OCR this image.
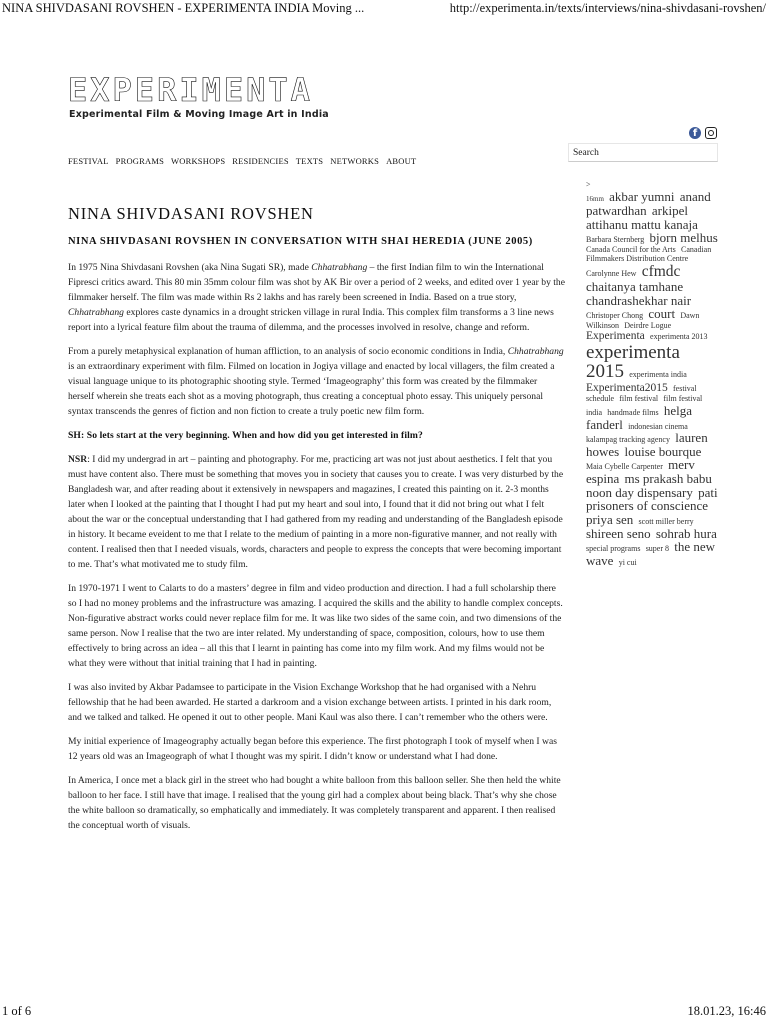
NINA SHIVDASANI ROVSHEN - EXPERIMENTA INDIA Moving ...	http://experimenta.in/texts/interviews/nina-shivdasani-rovshen/
EXPERIMENTA
Experimental Film & Moving Image Art in India
f
Search
FESTIVAL PROGRAMS WORKSHOPS RESIDENCIES TEXTS NETWORKS ABOUT
NINA SHIVDASANI ROVSHEN
NINA SHIVDASANI ROVSHEN IN CONVERSATION WITH SHAI HEREDIA (JUNE 2005)

In 1975 Nina Shivdasani Rovshen (aka Nina Sugati SR), made Chhatrabhang – the first Indian film to win the International Fipresci critics award. This 80 min 35mm colour film was shot by AK Bir over a period of 2 weeks, and edited over 1 year by the filmmaker herself. The film was made within Rs 2 lakhs and has rarely been screened in India. Based on a true story, Chhatrabhang explores caste dynamics in a drought stricken village in rural India. This complex film transforms a 3 line news report into a lyrical feature film about the trauma of dilemma, and the processes involved in resolve, change and reform.

From a purely metaphysical explanation of human affliction, to an analysis of socio economic conditions in India, Chhatrabhang is an extraordinary experiment with film. Filmed on location in Jogiya village and enacted by local villagers, the film created a visual language unique to its photographic shooting style. Termed ‘Imageography’ this form was created by the filmmaker herself wherein she treats each shot as a moving photograph, thus creating a conceptual photo essay. This uniquely personal syntax transcends the genres of fiction and non fiction to create a truly poetic new film form.

SH: So lets start at the very beginning. When and how did you get interested in film?

NSR: I did my undergrad in art – painting and photography. For me, practicing art was not just about aesthetics. I felt that you must have content also. There must be something that moves you in society that causes you to create. I was very disturbed by the Bangladesh war, and after reading about it extensively in newspapers and magazines, I created this painting on it. 2-3 months later when I looked at the painting that I thought I had put my heart and soul into, I found that it did not bring out what I felt about the war or the conceptual understanding that I had gathered from my reading and understanding of the Bangladesh episode in history. It became eveident to me that I relate to the medium of painting in a more non-figurative manner, and not really with content. I realised then that I needed visuals, words, characters and people to express the concepts that were becoming important to me. That’s what motivated me to study film.

In 1970-1971 I went to Calarts to do a masters’ degree in film and video production and direction. I had a full scholarship there so I had no money problems and the infrastructure was amazing. I acquired the skills and the ability to handle complex concepts. Non-figurative abstract works could never replace film for me. It was like two sides of the same coin, and two dimensions of the same person. Now I realise that the two are inter related. My understanding of space, composition, colours, how to use them effectively to bring across an idea – all this that I learnt in painting has come into my film work. And my films would not be what they were without that initial training that I had in painting.

I was also invited by Akbar Padamsee to participate in the Vision Exchange Workshop that he had organised with a Nehru fellowship that he had been awarded. He started a darkroom and a vision exchange between artists. I printed in his dark room, and we talked and talked. He opened it out to other people. Mani Kaul was also there. I can’t remember who the others were.

My initial experience of Imageography actually began before this experience. The first photograph I took of myself when I was 12 years old was an Imageograph of what I thought was my spirit. I didn’t know or understand what I had done.

In America, I once met a black girl in the street who had bought a white balloon from this balloon seller. She then held the white balloon to her face. I still have that image. I realised that the young girl had a complex about being black. That’s why she chose the white balloon so dramatically, so emphatically and immediately. It was completely transparent and apparent. I then realised the conceptual worth of visuals.

>
16mm akbar yumni anand patwardhan arkipel attihanu mattu kanaja Barbara Sternberg bjorn melhus Canada Council for the Arts Canadian Filmmakers Distribution Centre Carolynne Hew cfmdc chaitanya tamhane chandrashekhar nair Christoper Chong court Dawn Wilkinson Deirdre Logue Experimenta experimenta 2013 experimenta 2015 experimenta india Experimenta2015 festival schedule film festival film festival india handmade films helga fanderl indonesian cinema kalampag tracking agency lauren howes louise bourque Maia Cybelle Carpenter merv espina ms prakash babu noon day dispensary pati prisoners of conscience priya sen scott miller berry shireen seno sohrab hura special programs super 8 the new wave yi cui
1 of 6	18.01.23, 16:46
